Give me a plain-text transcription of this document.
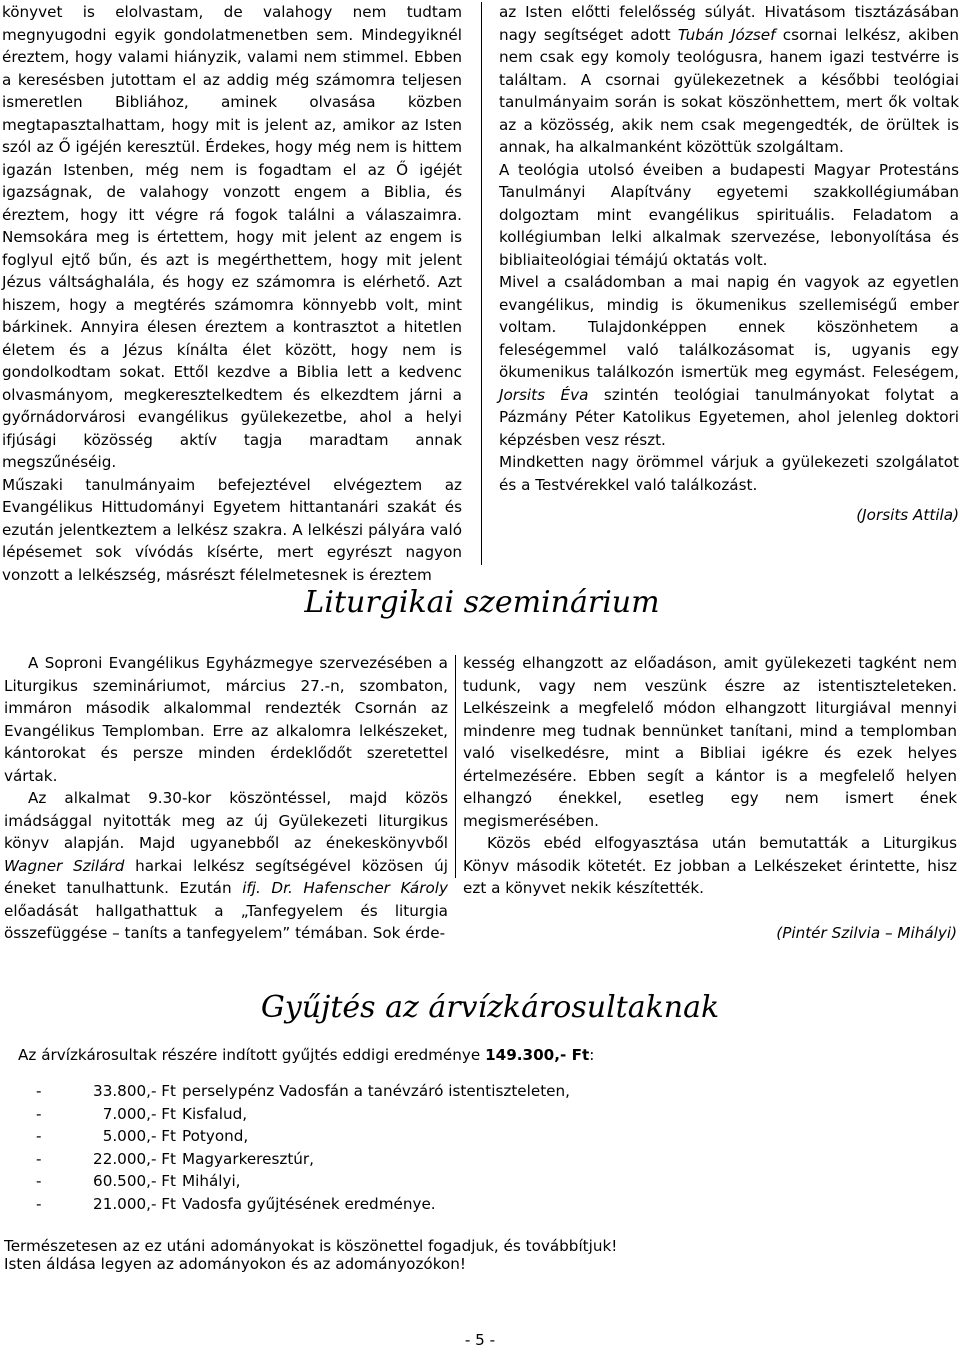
könyvet is elolvastam, de valahogy nem tudtam megnyugodni egyik gondolatmenetben sem. Mindegyiknél éreztem, hogy valami hiányzik, valami nem stimmel. Ebben a keresésben jutottam el az addig még számomra teljesen ismeretlen Bibliához, aminek olvasása közben megtapasztalhattam, hogy mit is jelent az, amikor az Isten szól az Ő igéjén keresztül. Érdekes, hogy még nem is hittem igazán Istenben, még nem is fogadtam el az Ő igéjét igazságnak, de valahogy vonzott engem a Biblia, és éreztem, hogy itt végre rá fogok találni a válaszaimra. Nemsokára meg is értettem, hogy mit jelent az engem is foglyul ejtő bűn, és azt is megérthettem, hogy mit jelent Jézus váltsághalála, és hogy ez számomra is elérhető. Azt hiszem, hogy a megtérés számomra könnyebb volt, mint bárkinek. Annyira élesen éreztem a kontrasztot a hitetlen életem és a Jézus kínálta élet között, hogy nem is gondolkodtam sokat. Ettől kezdve a Biblia lett a kedvenc olvasmányom, megkeresztelkedtem és elkezdtem járni a győrnádorvárosi evangélikus gyülekezetbe, ahol a helyi ifjúsági közösség aktív tagja maradtam annak megszűnéséig.

Műszaki tanulmányaim befejeztével elvégeztem az Evangélikus Hittudományi Egyetem hittantanári szakát és ezután jelentkeztem a lelkész szakra. A lelkészi pályára való lépésemet sok vívódás kísérte, mert egyrészt nagyon vonzott a lelkészség, másrészt félelmetesnek is éreztem

az Isten előtti felelősség súlyát. Hivatásom tisztázásában nagy segítséget adott Tubán József csornai lelkész, akiben nem csak egy komoly teológusra, hanem igazi testvérre is találtam. A csornai gyülekezetnek a későbbi teológiai tanulmányaim során is sokat köszönhettem, mert ők voltak az a közösség, akik nem csak megengedték, de örültek is annak, ha alkalmanként közöttük szolgáltam.

A teológia utolsó éveiben a budapesti Magyar Protestáns Tanulmányi Alapítvány egyetemi szakkollégiumában dolgoztam mint evangélikus spirituális. Feladatom a kollégiumban lelki alkalmak szervezése, lebonyolítása és bibliaiteológiai témájú oktatás volt.

Mivel a családomban a mai napig én vagyok az egyetlen evangélikus, mindig is ökumenikus szellemiségű ember voltam. Tulajdonképpen ennek köszönhetem a feleségemmel való találkozásomat is, ugyanis egy ökumenikus találkozón ismertük meg egymást. Feleségem, Jorsits Éva szintén teológiai tanulmányokat folytat a Pázmány Péter Katolikus Egyetemen, ahol jelenleg doktori képzésben vesz részt.

Mindketten nagy örömmel várjuk a gyülekezeti szolgálatot és a Testvérekkel való találkozást.

(Jorsits Attila)

Liturgikai szeminárium

A Soproni Evangélikus Egyházmegye szervezésében a Liturgikus szemináriumot, március 27.-n, szombaton, immáron második alkalommal rendezték Csornán az Evangélikus Templomban. Erre az alkalomra lelkészeket, kántorokat és persze minden érdeklődőt szeretettel vártak.

Az alkalmat 9.30-kor köszöntéssel, majd közös imádsággal nyitották meg az új Gyülekezeti liturgikus könyv alapján. Majd ugyanebből az énekeskönyvből Wagner Szilárd harkai lelkész segítségével közösen új éneket tanulhattunk. Ezután ifj. Dr. Hafenscher Károly előadását hallgathattuk a „Tanfegyelem és liturgia összefüggése – taníts a tanfegyelem” témában. Sok érde-

kesség elhangzott az előadáson, amit gyülekezeti tagként nem tudunk, vagy nem veszünk észre az istentiszteleteken. Lelkészeink a megfelelő módon elhangzott liturgiával mennyi mindenre meg tudnak bennünket tanítani, mind a templomban való viselkedésre, mint a Bibliai igékre és ezek helyes értelmezésére. Ebben segít a kántor is a megfelelő helyen elhangzó énekkel, esetleg egy nem ismert ének megismerésében.

Közös ebéd elfogyasztása után bemutatták a Liturgikus Könyv második kötetét. Ez jobban a Lelkészeket érintette, hisz ezt a könyvet nekik készítették.

(Pintér Szilvia – Mihályi)

Gyűjtés az árvízkárosultaknak
Az árvízkárosultak részére indított gyűjtés eddigi eredménye 149.300,- Ft:
-	33.800,- Ft perselypénz Vadosfán a tanévzáró istentiszteleten,
-	7.000,- Ft Kisfalud,
-	5.000,- Ft Potyond,
-	22.000,- Ft Magyarkeresztúr,
-	60.500,- Ft Mihályi,
-	21.000,- Ft Vadosfa gyűjtésének eredménye.
Természetesen az ez utáni adományokat is köszönettel fogadjuk, és továbbítjuk!
Isten áldása legyen az adományokon és az adományozókon!
- 5 -
